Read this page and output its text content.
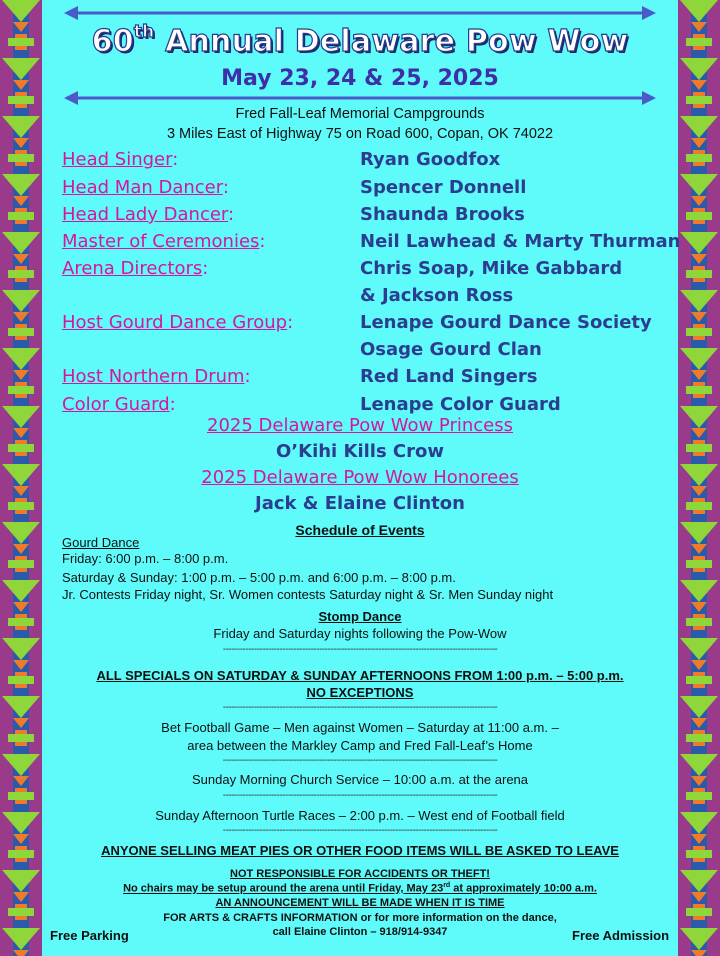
60th Annual Delaware Pow Wow
May 23, 24 & 25, 2025
Fred Fall-Leaf Memorial Campgrounds
3 Miles East of Highway 75 on Road 600, Copan, OK 74022
Head Singer:	Ryan Goodfox
Head Man Dancer:	Spencer Donnell
Head Lady Dancer:	Shaunda Brooks
Master of Ceremonies:	Neil Lawhead & Marty Thurman
Arena Directors:	Chris Soap, Mike Gabbard
& Jackson Ross
Host Gourd Dance Group:	Lenape Gourd Dance Society
Osage Gourd Clan
Host Northern Drum:	Red Land Singers
Color Guard:	Lenape Color Guard
2025 Delaware Pow Wow Princess
O’Kihi Kills Crow
2025 Delaware Pow Wow Honorees
Jack & Elaine Clinton
Schedule of Events
Gourd Dance
Friday: 6:00 p.m. – 8:00 p.m.
Saturday & Sunday: 1:00 p.m. – 5:00 p.m. and 6:00 p.m. – 8:00 p.m.
Jr. Contests Friday night, Sr. Women contests Saturday night & Sr. Men Sunday night
Stomp Dance
Friday and Saturday nights following the Pow-Wow
-------------------------------------------------------------------------------------------------
ALL SPECIALS ON SATURDAY & SUNDAY AFTERNOONS FROM 1:00 p.m. – 5:00 p.m.
NO EXCEPTIONS
-------------------------------------------------------------------------------------------------
Bet Football Game – Men against Women – Saturday at 11:00 a.m. –
area between the Markley Camp and Fred Fall-Leaf’s Home
-------------------------------------------------------------------------------------------------
Sunday Morning Church Service – 10:00 a.m. at the arena
-------------------------------------------------------------------------------------------------
Sunday Afternoon Turtle Races – 2:00 p.m. – West end of Football field
-------------------------------------------------------------------------------------------------
ANYONE SELLING MEAT PIES OR OTHER FOOD ITEMS WILL BE ASKED TO LEAVE
NOT RESPONSIBLE FOR ACCIDENTS OR THEFT!
No chairs may be setup around the arena until Friday, May 23rd at approximately 10:00 a.m.
AN ANNOUNCEMENT WILL BE MADE WHEN IT IS TIME
FOR ARTS & CRAFTS INFORMATION or for more information on the dance,
call Elaine Clinton – 918/914-9347
Free Parking	Free Admission
